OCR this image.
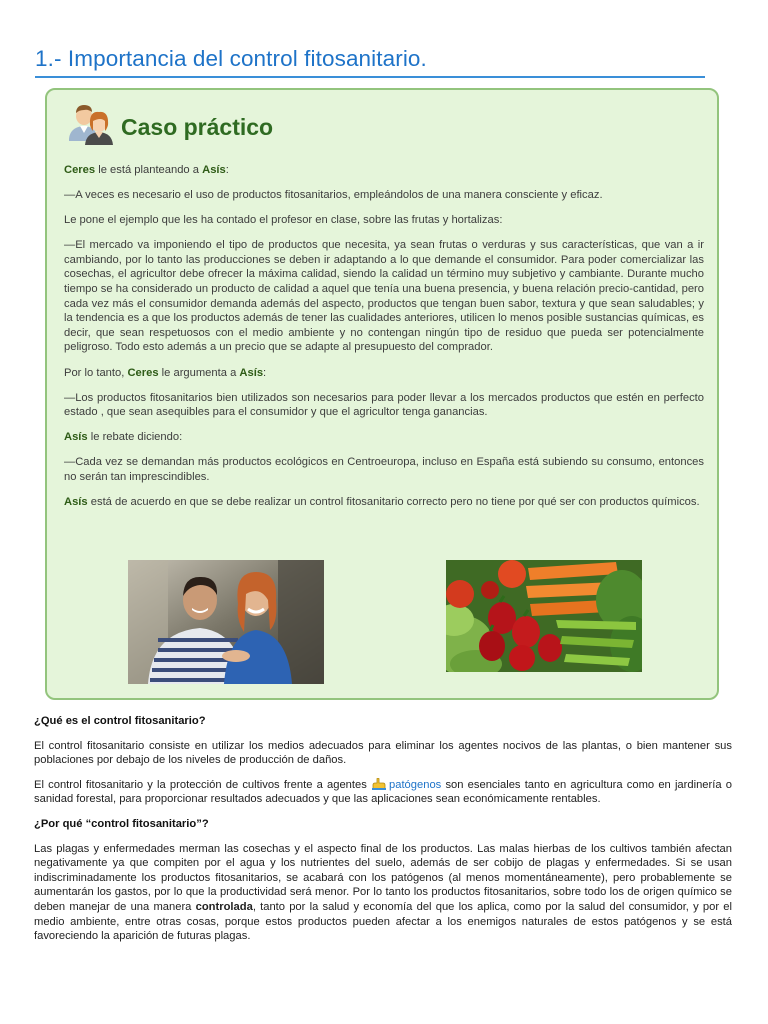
1.- Importancia del control fitosanitario.
Caso práctico

Ceres le está planteando a Asís:

—A veces es necesario el uso de productos fitosanitarios, empleándolos de una manera consciente y eficaz.

Le pone el ejemplo que les ha contado el profesor en clase, sobre las frutas y hortalizas:

—El mercado va imponiendo el tipo de productos que necesita, ya sean frutas o verduras y sus características, que van a ir cambiando, por lo tanto las producciones se deben ir adaptando a lo que demande el consumidor. Para poder comercializar las cosechas, el agricultor debe ofrecer la máxima calidad, siendo la calidad un término muy subjetivo y cambiante. Durante mucho tiempo se ha considerado un producto de calidad a aquel que tenía una buena presencia, y buena relación precio-cantidad, pero cada vez más el consumidor demanda además del aspecto, productos que tengan buen sabor, textura y que sean saludables; y la tendencia es a que los productos además de tener las cualidades anteriores, utilicen lo menos posible sustancias químicas, es decir, que sean respetuosos con el medio ambiente y no contengan ningún tipo de residuo que pueda ser potencialmente peligroso. Todo esto además a un precio que se adapte al presupuesto del comprador.

Por lo tanto, Ceres le argumenta a Asís:

—Los productos fitosanitarios bien utilizados son necesarios para poder llevar a los mercados productos que estén en perfecto estado , que sean asequibles para el consumidor y que el agricultor tenga ganancias.

Asís le rebate diciendo:

—Cada vez se demandan más productos ecológicos en Centroeuropa, incluso en España está subiendo su consumo, entonces no serán tan imprescindibles.

Asís está de acuerdo en que se debe realizar un control fitosanitario correcto pero no tiene por qué ser con productos químicos.

¿Qué es el control fitosanitario?

El control fitosanitario consiste en utilizar los medios adecuados para eliminar los agentes nocivos de las plantas, o bien mantener sus poblaciones por debajo de los niveles de producción de daños.

El control fitosanitario y la protección de cultivos frente a agentes patógenos son esenciales tanto en agricultura como en jardinería o sanidad forestal, para proporcionar resultados adecuados y que las aplicaciones sean económicamente rentables.

¿Por qué “control fitosanitario”?

Las plagas y enfermedades merman las cosechas y el aspecto final de los productos. Las malas hierbas de los cultivos también afectan negativamente ya que compiten por el agua y los nutrientes del suelo, además de ser cobijo de plagas y enfermedades. Si se usan indiscriminadamente los productos fitosanitarios, se acabará con los patógenos (al menos momentáneamente), pero probablemente se aumentarán los gastos, por lo que la productividad será menor. Por lo tanto los productos fitosanitarios, sobre todo los de origen químico se deben manejar de una manera controlada, tanto por la salud y economía del que los aplica, como por la salud del consumidor, y por el medio ambiente, entre otras cosas, porque estos productos pueden afectar a los enemigos naturales de estos patógenos y se está favoreciendo la aparición de futuras plagas.
